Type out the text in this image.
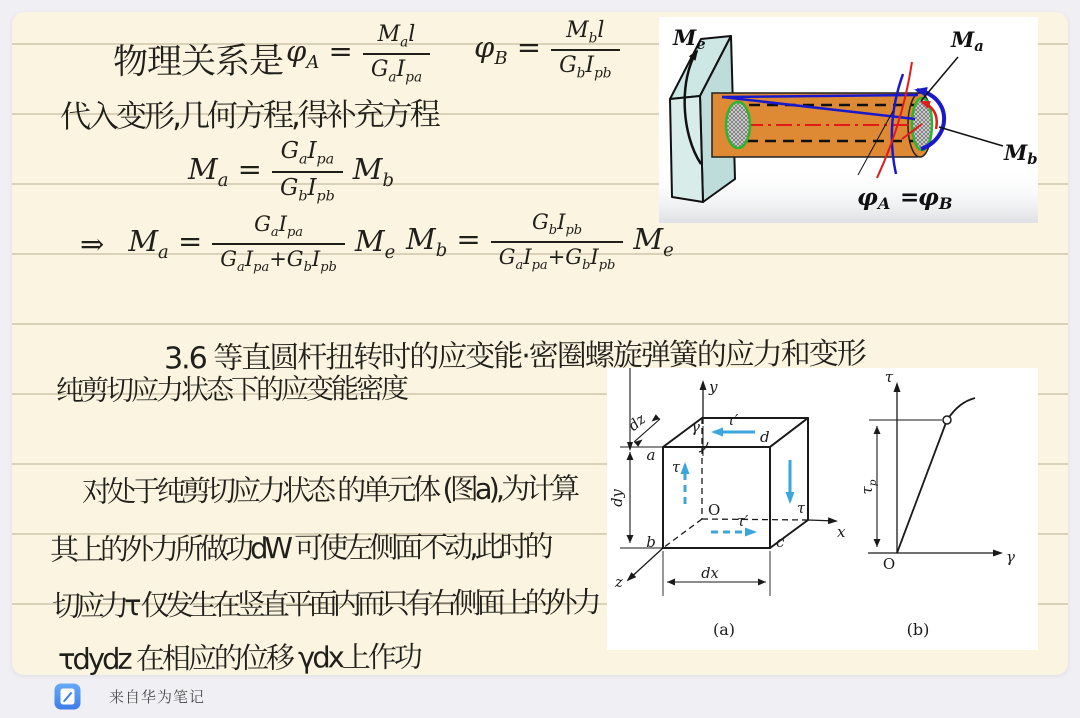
Me	Ma
Mb
φA =
φB
y
x
z
O
a
b	c
d
γ τ′
τ
τ
τ′
dy
dz
dx
(a)
τ
γ
O
$\tau_p$
(b)
物理关系是 $\varphi_A = \frac{M_al}{G_aI_{pa}} \varphi_B = \frac{M_bl}{G_bI_{pb}}$
代入变形,几何方程,得补充方程
$M_a = \frac{G_aI_{pa}}{G_bI_{pb}} M_b$
⇒ $M_a = \frac{G_aI_{pa}}{G_aI_{pa}+G_bI_{pb}} M_e$ $M_b = \frac{G_bI_{pb}}{G_aI_{pa}+G_bI_{pb}} M_e$
3.6 等直圆杆扭转时的应变能·密圈螺旋弹簧的应力和变形
纯剪切应力状态下的应变能密度
对处于纯剪切应力状态 的单元体 (图a),为计算
其上的外力所做功dW 可使左侧面不动,此时的
切应力τ 仅发生在竖直平面内而只有右侧面上的外力
τdydz 在相应的位移 γdx上作功
来自华为笔记
